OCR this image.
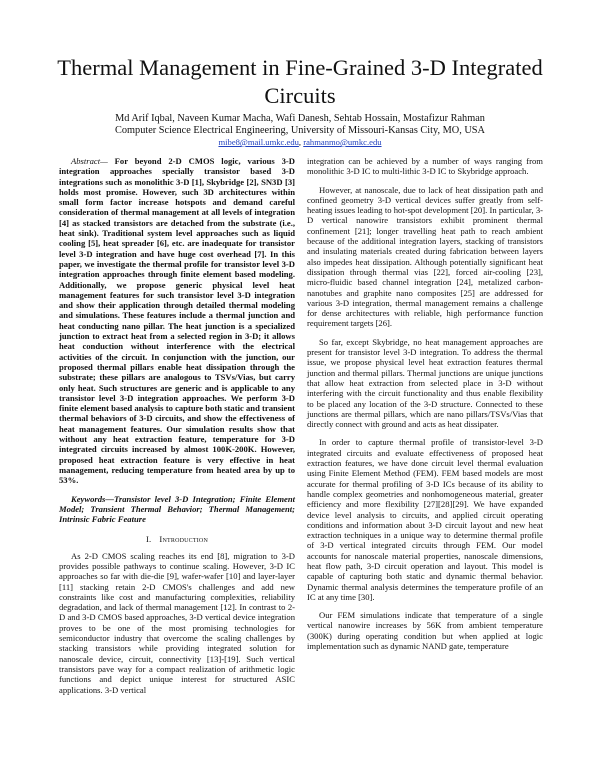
Thermal Management in Fine-Grained 3-D Integrated Circuits
Md Arif Iqbal, Naveen Kumar Macha, Wafi Danesh, Sehtab Hossain, Mostafizur Rahman
Computer Science Electrical Engineering, University of Missouri-Kansas City, MO, USA
mibe8@mail.umkc.edu, rahmanmo@umkc.edu

Abstract— For beyond 2-D CMOS logic, various 3-D integration approaches specially transistor based 3-D integrations such as monolithic 3-D [1], Skybridge [2], SN3D [3] holds most promise. However, such 3D architectures within small form factor increase hotspots and demand careful consideration of thermal management at all levels of integration [4] as stacked transistors are detached from the substrate (i.e., heat sink). Traditional system level approaches such as liquid cooling [5], heat spreader [6], etc. are inadequate for transistor level 3-D integration and have huge cost overhead [7]. In this paper, we investigate the thermal profile for transistor level 3-D integration approaches through finite element based modeling. Additionally, we propose generic physical level heat management features for such transistor level 3-D integration and show their application through detailed thermal modeling and simulations. These features include a thermal junction and heat conducting nano pillar. The heat junction is a specialized junction to extract heat from a selected region in 3-D; it allows heat conduction without interference with the electrical activities of the circuit. In conjunction with the junction, our proposed thermal pillars enable heat dissipation through the substrate; these pillars are analogous to TSVs/Vias, but carry only heat. Such structures are generic and is applicable to any transistor level 3-D integration approaches. We perform 3-D finite element based analysis to capture both static and transient thermal behaviors of 3-D circuits, and show the effectiveness of heat management features. Our simulation results show that without any heat extraction feature, temperature for 3-D integrated circuits increased by almost 100K-200K. However, proposed heat extraction feature is very effective in heat management, reducing temperature from heated area by up to 53%.

Keywords—Transistor level 3-D Integration; Finite Element Model; Transient Thermal Behavior; Thermal Management; Intrinsic Fabric Feature

I. Introduction

As 2-D CMOS scaling reaches its end [8], migration to 3-D provides possible pathways to continue scaling. However, 3-D IC approaches so far with die-die [9], wafer-wafer [10] and layer-layer [11] stacking retain 2-D CMOS's challenges and add new constraints like cost and manufacturing complexities, reliability degradation, and lack of thermal management [12]. In contrast to 2-D and 3-D CMOS based approaches, 3-D vertical device integration proves to be one of the most promising technologies for semiconductor industry that overcome the scaling challenges by stacking transistors while providing integrated solution for nanoscale device, circuit, connectivity [13]-[19]. Such vertical transistors pave way for a compact realization of arithmetic logic functions and depict unique interest for structured ASIC applications. 3-D vertical

integration can be achieved by a number of ways ranging from monolithic 3-D IC to multi-lithic 3-D IC to Skybridge approach.

However, at nanoscale, due to lack of heat dissipation path and confined geometry 3-D vertical devices suffer greatly from self-heating issues leading to hot-spot development [20]. In particular, 3-D vertical nanowire transistors exhibit prominent thermal confinement [21]; longer travelling heat path to reach ambient because of the additional integration layers, stacking of transistors and insulating materials created during fabrication between layers also impedes heat dissipation. Although potentially significant heat dissipation through thermal vias [22], forced air-cooling [23], micro-fluidic based channel integration [24], metalized carbon-nanotubes and graphite nano composites [25] are addressed for various 3-D integration, thermal management remains a challenge for dense architectures with reliable, high performance function requirement targets [26].

So far, except Skybridge, no heat management approaches are present for transistor level 3-D integration. To address the thermal issue, we propose physical level heat extraction features thermal junction and thermal pillars. Thermal junctions are unique junctions that allow heat extraction from selected place in 3-D without interfering with the circuit functionality and thus enable flexibility to be placed any location of the 3-D structure. Connected to these junctions are thermal pillars, which are nano pillars/TSVs/Vias that directly connect with ground and acts as heat dissipater.

In order to capture thermal profile of transistor-level 3-D integrated circuits and evaluate effectiveness of proposed heat extraction features, we have done circuit level thermal evaluation using Finite Element Method (FEM). FEM based models are most accurate for thermal profiling of 3-D ICs because of its ability to handle complex geometries and nonhomogeneous material, greater efficiency and more flexibility [27][28][29]. We have expanded device level analysis to circuits, and applied circuit operating conditions and information about 3-D circuit layout and new heat extraction techniques in a unique way to determine thermal profile of 3-D vertical integrated circuits through FEM. Our model accounts for nanoscale material properties, nanoscale dimensions, heat flow path, 3-D circuit operation and layout. This model is capable of capturing both static and dynamic thermal behavior. Dynamic thermal analysis determines the temperature profile of an IC at any time [30].

Our FEM simulations indicate that temperature of a single vertical nanowire increases by 56K from ambient temperature (300K) during operating condition but when applied at logic implementation such as dynamic NAND gate, temperature
